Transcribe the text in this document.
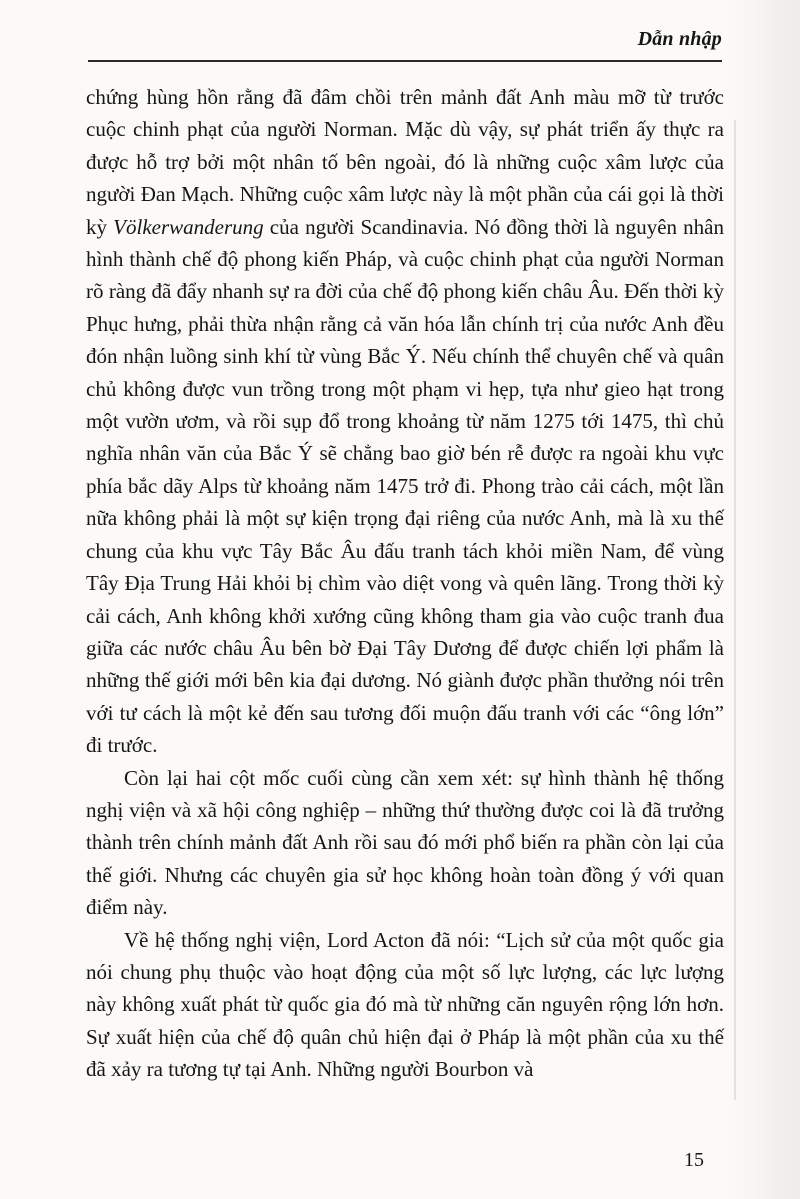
Dẫn nhập

chứng hùng hồn rằng đã đâm chồi trên mảnh đất Anh màu mỡ từ trước cuộc chinh phạt của người Norman. Mặc dù vậy, sự phát triển ấy thực ra được hỗ trợ bởi một nhân tố bên ngoài, đó là những cuộc xâm lược của người Đan Mạch. Những cuộc xâm lược này là một phần của cái gọi là thời kỳ Völkerwanderung của người Scandinavia. Nó đồng thời là nguyên nhân hình thành chế độ phong kiến Pháp, và cuộc chinh phạt của người Norman rõ ràng đã đẩy nhanh sự ra đời của chế độ phong kiến châu Âu. Đến thời kỳ Phục hưng, phải thừa nhận rằng cả văn hóa lẫn chính trị của nước Anh đều đón nhận luồng sinh khí từ vùng Bắc Ý. Nếu chính thể chuyên chế và quân chủ không được vun trồng trong một phạm vi hẹp, tựa như gieo hạt trong một vườn ươm, và rồi sụp đổ trong khoảng từ năm 1275 tới 1475, thì chủ nghĩa nhân văn của Bắc Ý sẽ chẳng bao giờ bén rễ được ra ngoài khu vực phía bắc dãy Alps từ khoảng năm 1475 trở đi. Phong trào cải cách, một lần nữa không phải là một sự kiện trọng đại riêng của nước Anh, mà là xu thế chung của khu vực Tây Bắc Âu đấu tranh tách khỏi miền Nam, để vùng Tây Địa Trung Hải khỏi bị chìm vào diệt vong và quên lãng. Trong thời kỳ cải cách, Anh không khởi xướng cũng không tham gia vào cuộc tranh đua giữa các nước châu Âu bên bờ Đại Tây Dương để được chiến lợi phẩm là những thế giới mới bên kia đại dương. Nó giành được phần thưởng nói trên với tư cách là một kẻ đến sau tương đối muộn đấu tranh với các “ông lớn” đi trước.

Còn lại hai cột mốc cuối cùng cần xem xét: sự hình thành hệ thống nghị viện và xã hội công nghiệp – những thứ thường được coi là đã trưởng thành trên chính mảnh đất Anh rồi sau đó mới phổ biến ra phần còn lại của thế giới. Nhưng các chuyên gia sử học không hoàn toàn đồng ý với quan điểm này.

Về hệ thống nghị viện, Lord Acton đã nói: “Lịch sử của một quốc gia nói chung phụ thuộc vào hoạt động của một số lực lượng, các lực lượng này không xuất phát từ quốc gia đó mà từ những căn nguyên rộng lớn hơn. Sự xuất hiện của chế độ quân chủ hiện đại ở Pháp là một phần của xu thế đã xảy ra tương tự tại Anh. Những người Bourbon và

15
